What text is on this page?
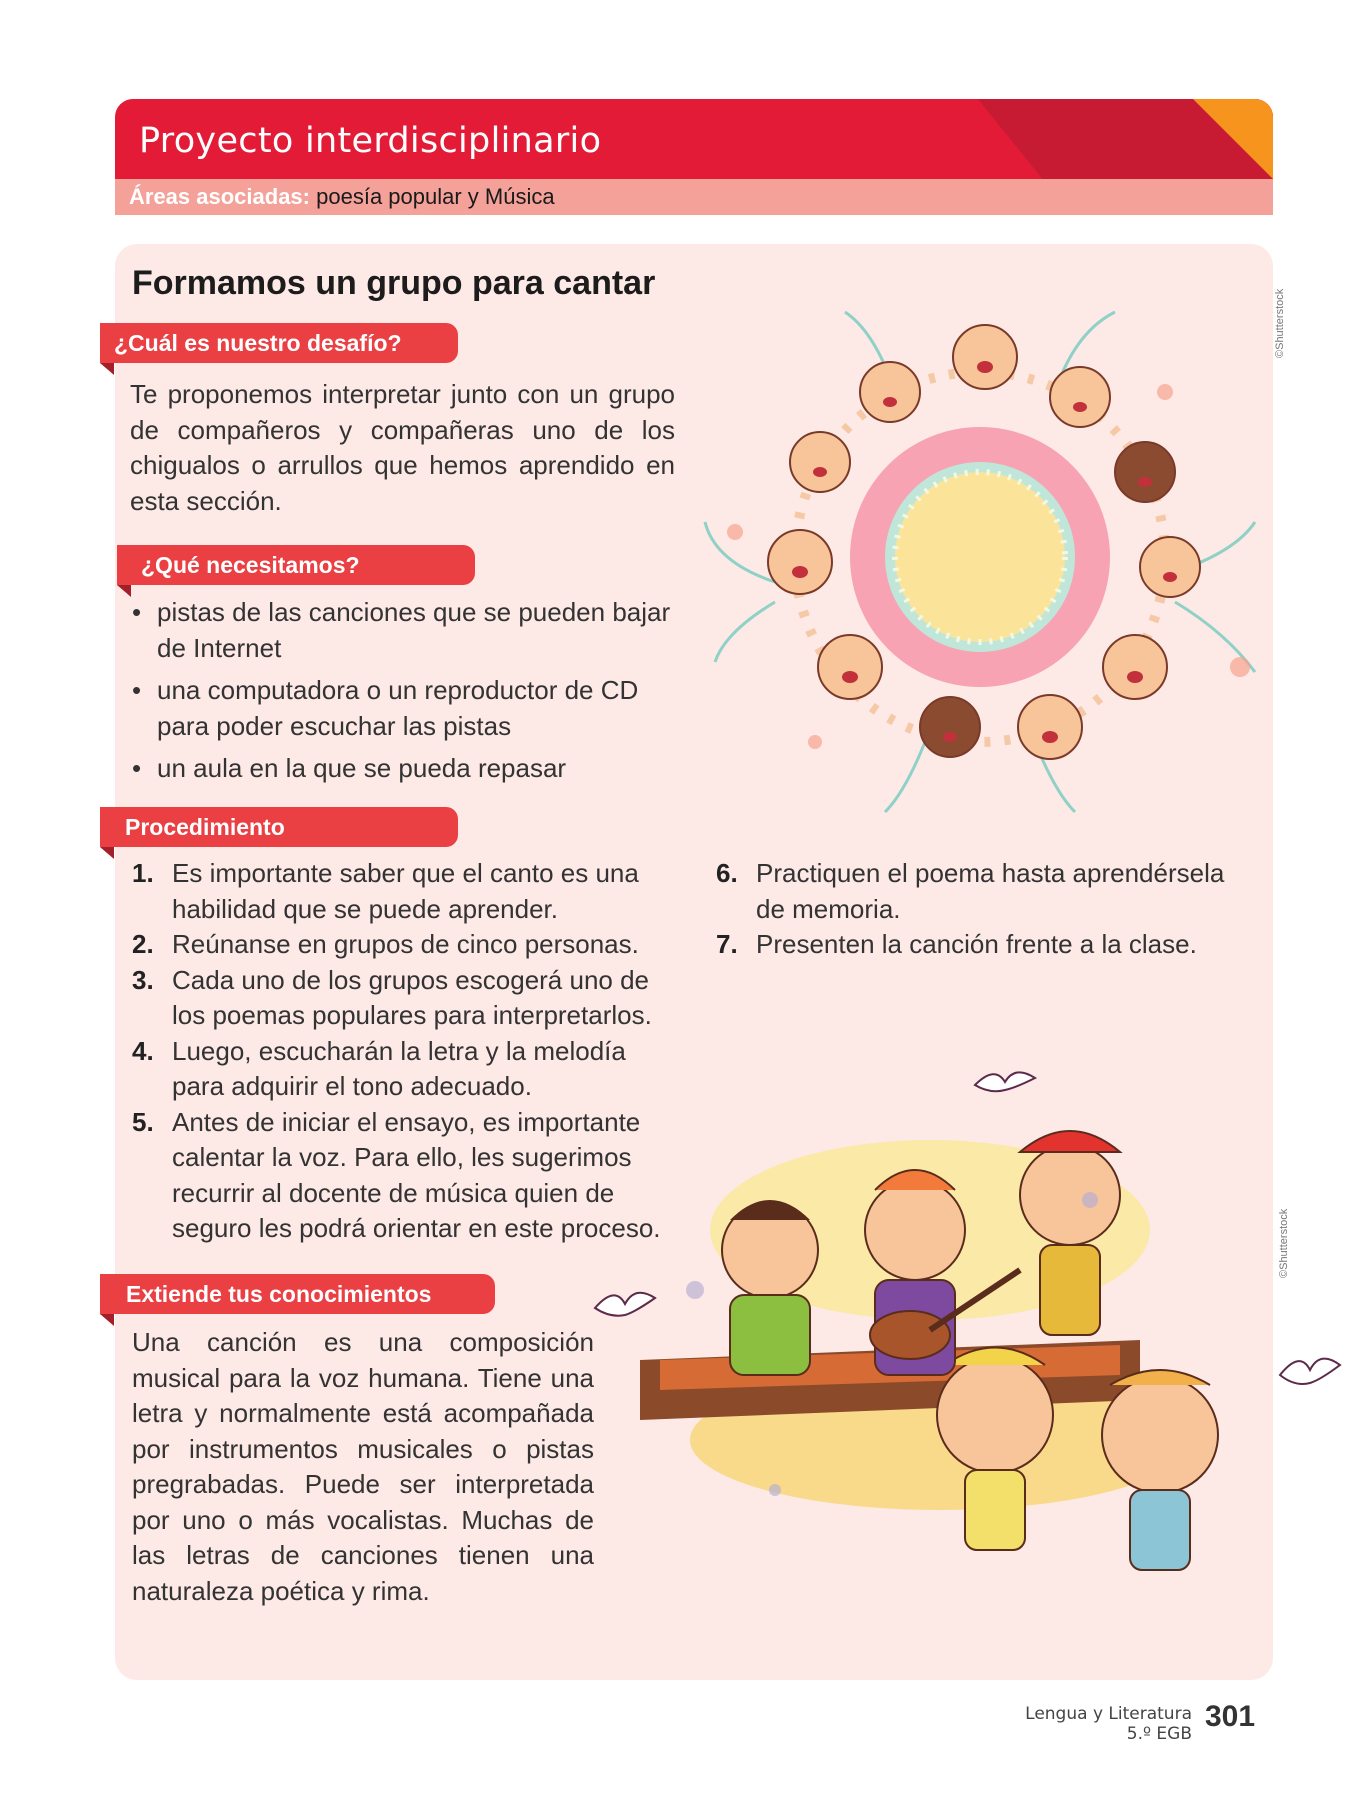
Proyecto interdisciplinario
DUA
Participación
Áreas asociadas: poesía popular y Música
Formamos un grupo para cantar
¿Cuál es nuestro desafío?

Te proponemos interpretar junto con un grupo de compañeros y compañeras uno de los chigualos o arrullos que hemos aprendido en esta sección.

¿Qué necesitamos?
• pistas de las canciones que se pueden bajar de Internet
• una computadora o un reproductor de CD para poder escuchar las pistas
• un aula en la que se pueda repasar
Procedimiento
1. Es importante saber que el canto es una habilidad que se puede aprender.
2. Reúnanse en grupos de cinco personas.
3. Cada uno de los grupos escogerá uno de los poemas populares para interpretarlos.
4. Luego, escucharán la letra y la melodía para adquirir el tono adecuado.
5. Antes de iniciar el ensayo, es importante calentar la voz. Para ello, les sugerimos recurrir al docente de música quien de seguro les podrá orientar en este proceso.
6. Practiquen el poema hasta aprendérsela de memoria.
7. Presenten la canción frente a la clase.
Extiende tus conocimientos

Una canción es una composición musical para la voz humana. Tiene una letra y normalmente está acompañada por instrumentos musicales o pistas pregrabadas. Puede ser interpretada por uno o más vocalistas. Muchas de las letras de canciones tienen una naturaleza poética y rima.

©Shutterstock
©Shutterstock
Lengua y Literatura
5.º EGB
301
